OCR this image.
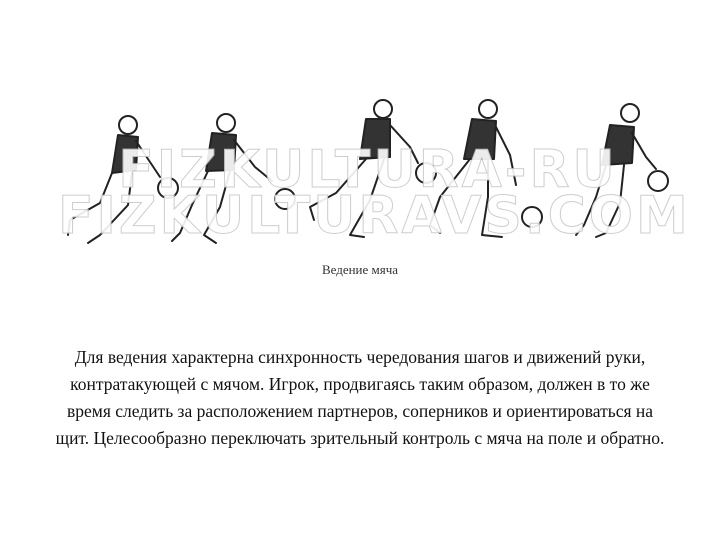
FIZKULTURA-RU
FIZKULTURAVS.COM
Ведение мяча
Для ведения характерна синхронность чередования шагов и движений руки, контратакующей с мячом. Игрок, продвигаясь таким образом, должен в то же время следить за расположением партнеров, соперников и ориентироваться на щит. Целесообразно переключать зрительный контроль с мяча на поле и обратно.
